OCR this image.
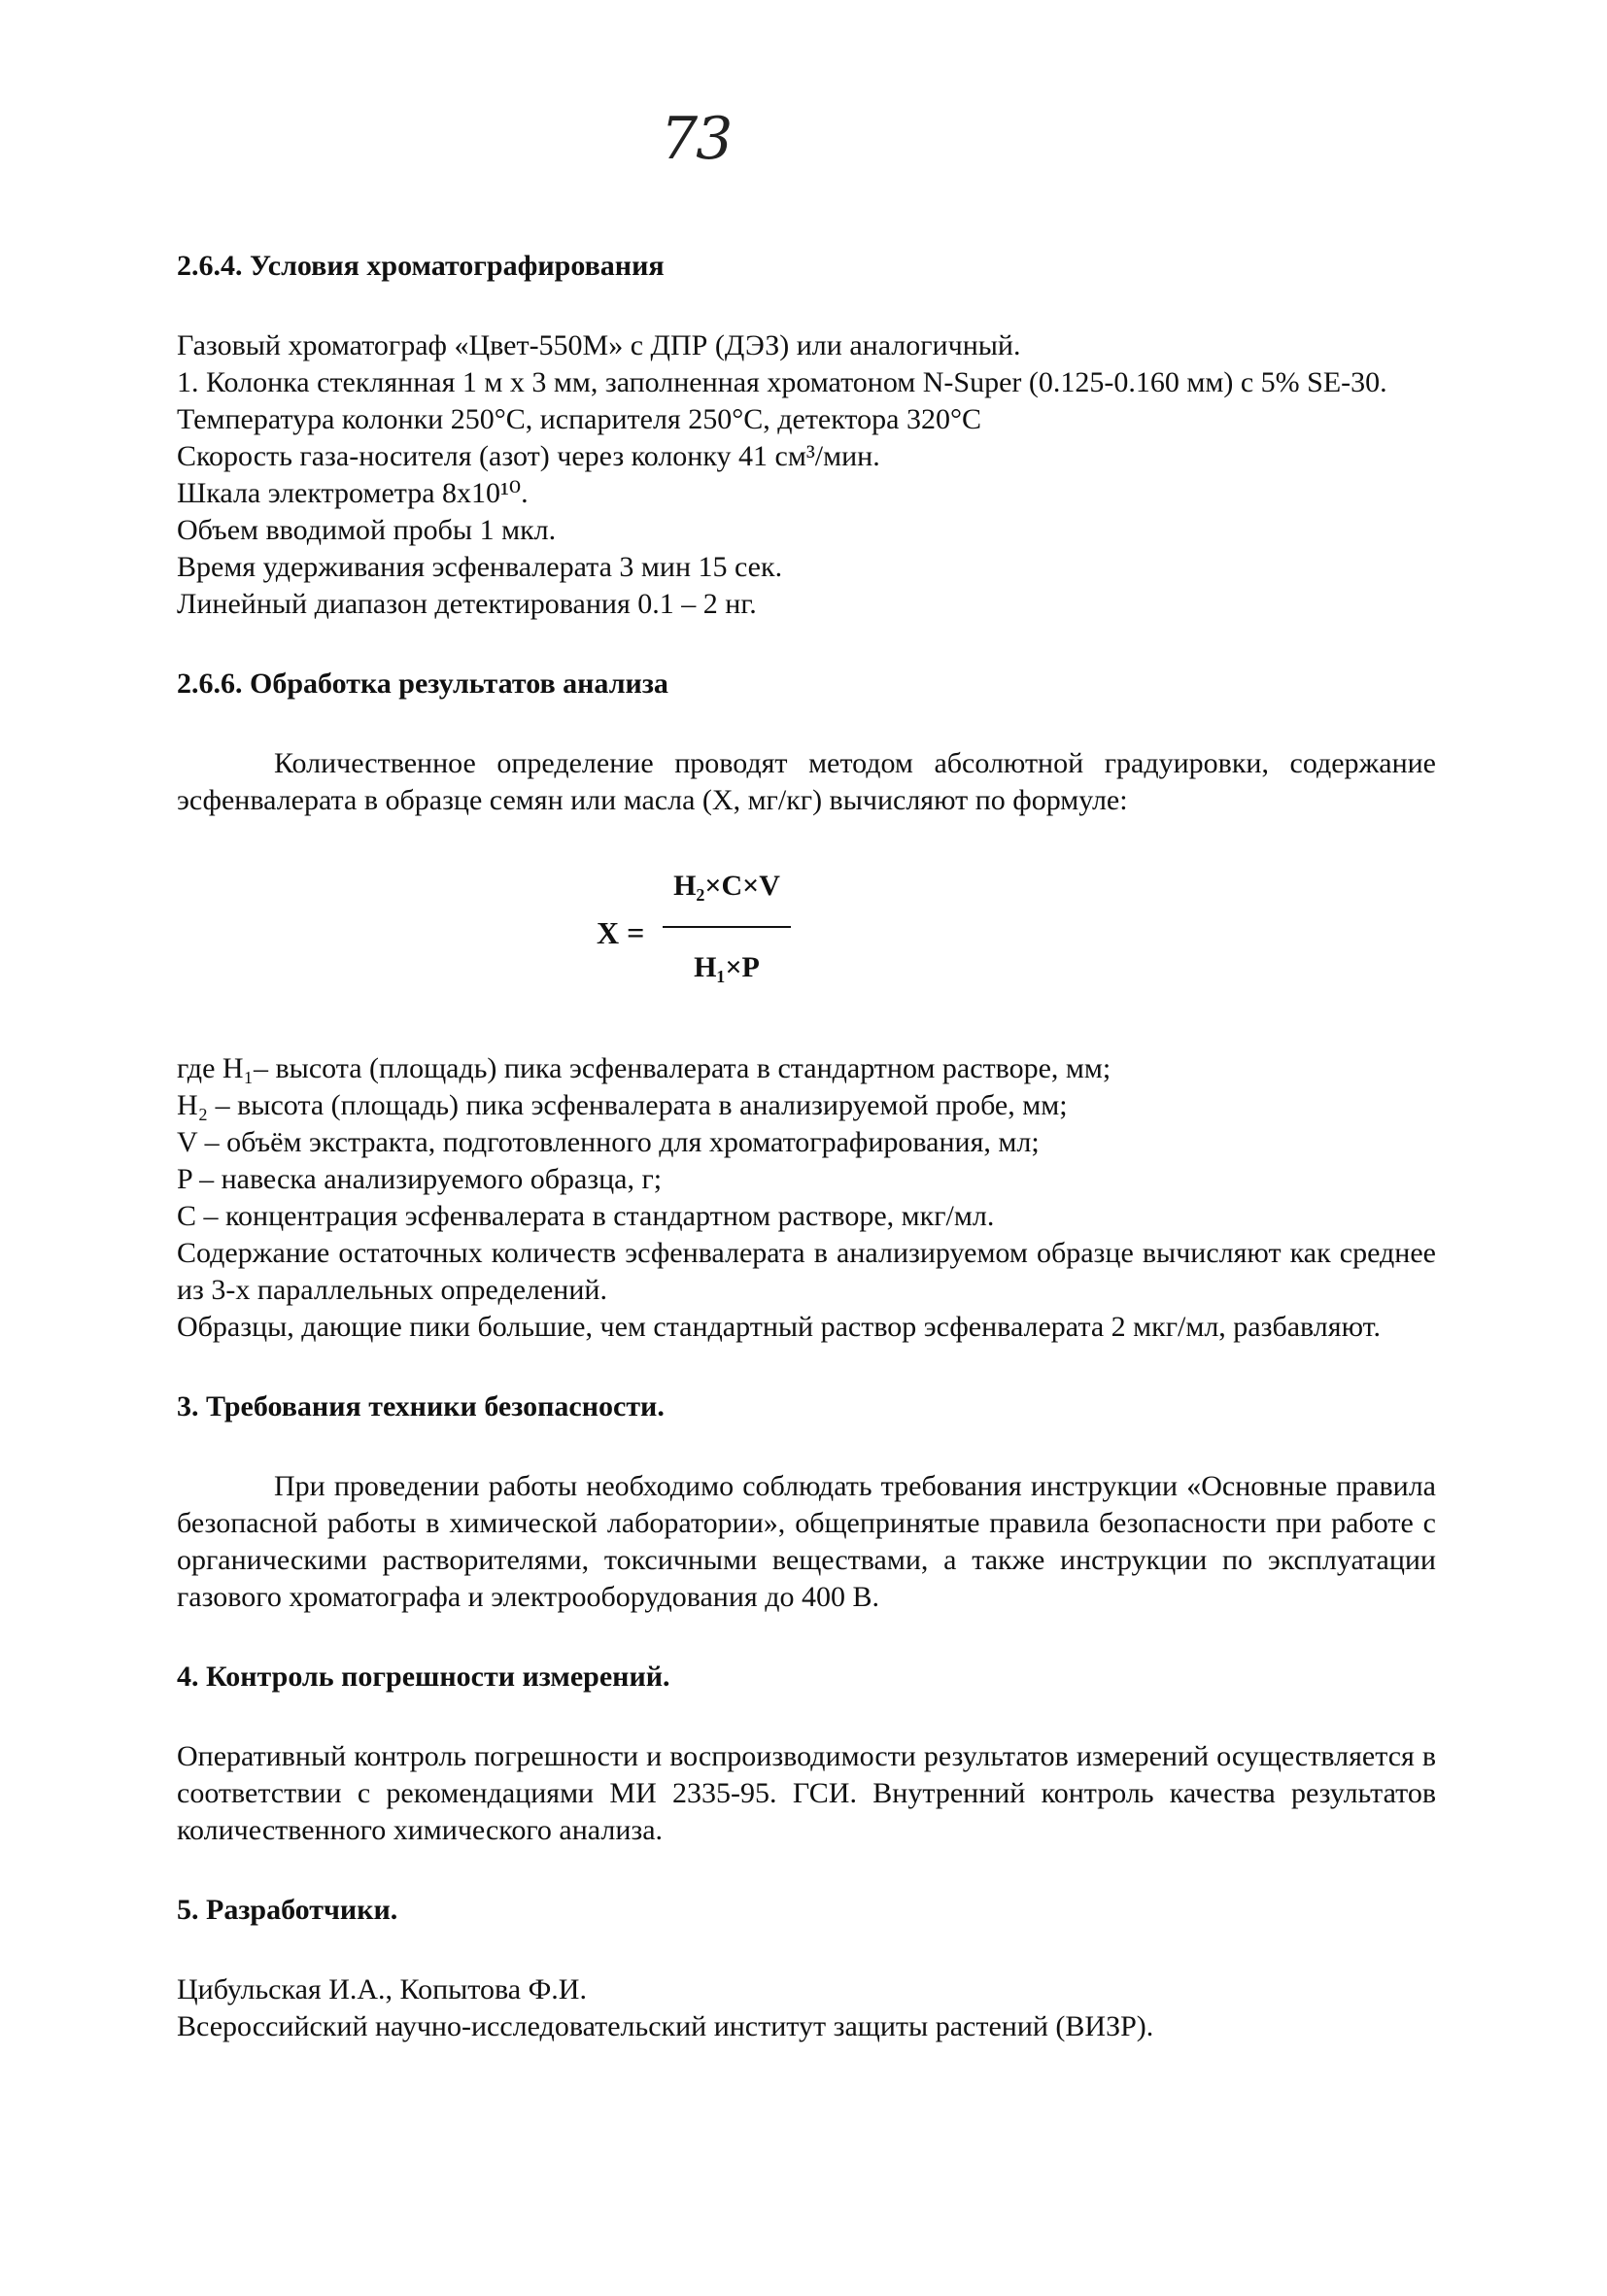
73

2.6.4. Условия хроматографирования

Газовый хроматограф «Цвет-550М» с ДПР (ДЭЗ) или аналогичный.

1. Колонка стеклянная 1 м х 3 мм, заполненная хроматоном N-Super (0.125-0.160 мм) с 5% SE-30.

Температура колонки 250°С, испарителя 250°С, детектора 320°С

Скорость газа-носителя (азот) через колонку 41 см³/мин.

Шкала электрометра 8х10¹⁰.

Объем вводимой пробы 1 мкл.

Время удерживания эсфенвалерата 3 мин 15 сек.

Линейный диапазон детектирования 0.1 – 2 нг.

2.6.6. Обработка результатов анализа

Количественное определение проводят методом абсолютной градуировки, содержание эсфенвалерата в образце семян или масла (Х, мг/кг) вычисляют по формуле:

X =
H₂×C×V
H₁×P

где H₁– высота (площадь) пика эсфенвалерата в стандартном растворе, мм;

H₂ – высота (площадь) пика эсфенвалерата в анализируемой пробе, мм;

V – объём экстракта, подготовленного для хроматографирования, мл;

P – навеска анализируемого образца, г;

C – концентрация эсфенвалерата в стандартном растворе, мкг/мл.

Содержание остаточных количеств эсфенвалерата в анализируемом образце вычисляют как среднее из 3-х параллельных определений.

Образцы, дающие пики большие, чем стандартный раствор эсфенвалерата 2 мкг/мл, разбавляют.

3. Требования техники безопасности.

При проведении работы необходимо соблюдать требования инструкции «Основные правила безопасной работы в химической лаборатории», общепринятые правила безопасности при работе с органическими растворителями, токсичными веществами, а также инструкции по эксплуатации газового хроматографа и электрооборудования до 400 В.

4. Контроль погрешности измерений.

Оперативный контроль погрешности и воспроизводимости результатов измерений осуществляется в соответствии с рекомендациями МИ 2335-95. ГСИ. Внутренний контроль качества результатов количественного химического анализа.

5. Разработчики.

Цибульская И.А., Копытова Ф.И.

Всероссийский научно-исследовательский институт защиты растений (ВИЗР).
